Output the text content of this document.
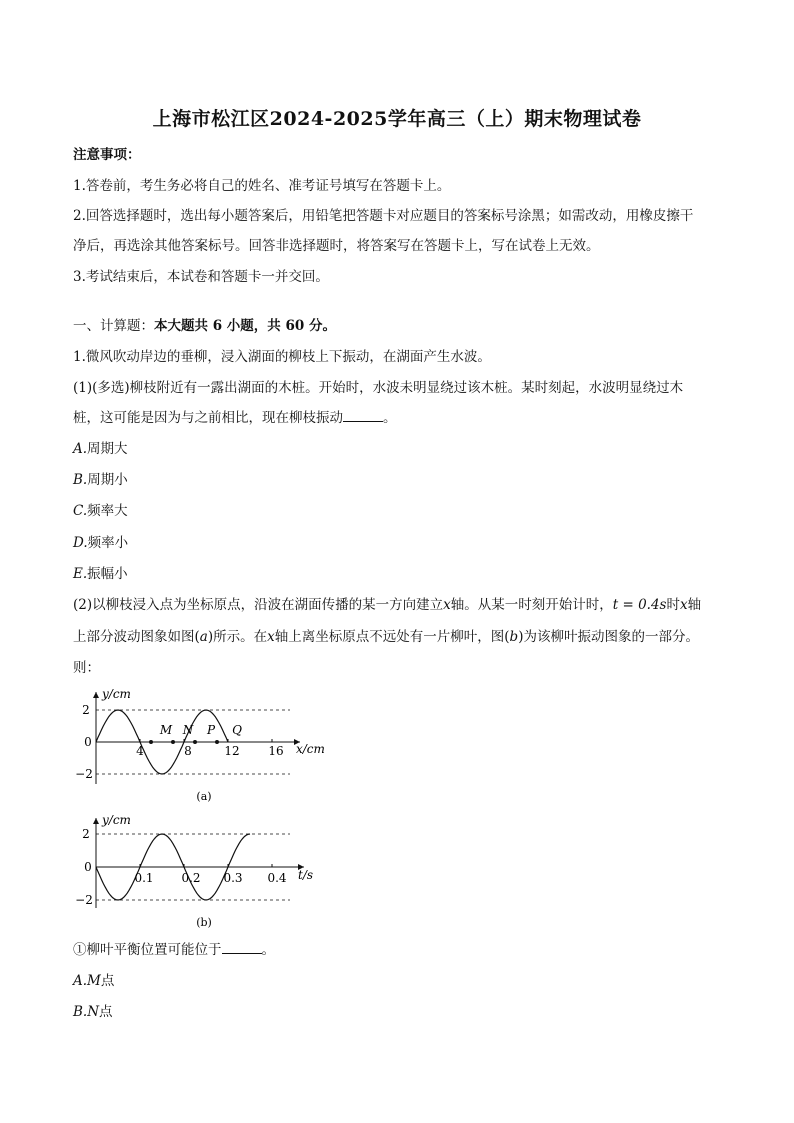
上海市松江区2024-2025学年高三（上）期末物理试卷
注意事项：
1.答卷前，考生务必将自己的姓名、准考证号填写在答题卡上。
2.回答选择题时，选出每小题答案后，用铅笔把答题卡对应题目的答案标号涂黑；如需改动，用橡皮擦干
净后，再选涂其他答案标号。回答非选择题时，将答案写在答题卡上，写在试卷上无效。
3.考试结束后，本试卷和答题卡一并交回。
一、计算题：本大题共 6 小题，共 60 分。
1.微风吹动岸边的垂柳，浸入湖面的柳枝上下振动，在湖面产生水波。
(1)(多选)柳枝附近有一露出湖面的木桩。开始时，水波未明显绕过该木桩。某时刻起，水波明显绕过木
桩，这可能是因为与之前相比，现在柳枝振动	。
A.周期大
B.周期小
C.频率大
D.频率小
E.振幅小
(2)以柳枝浸入点为坐标原点，沿波在湖面传播的某一方向建立x轴。从某一时刻开始计时，t = 0.4s时x轴
上部分波动图象如图(a)所示。在x轴上离坐标原点不远处有一片柳叶，图(b)为该柳叶振动图象的一部分。
则：
y/cm
2
0
−2
4	8	12 16 x/cm
M N P Q
(a)
y/cm
2
0
−2
0.1 0.2 0.3 0.4 t/s
(b)
①柳叶平衡位置可能位于	。
A.M点
B.N点
